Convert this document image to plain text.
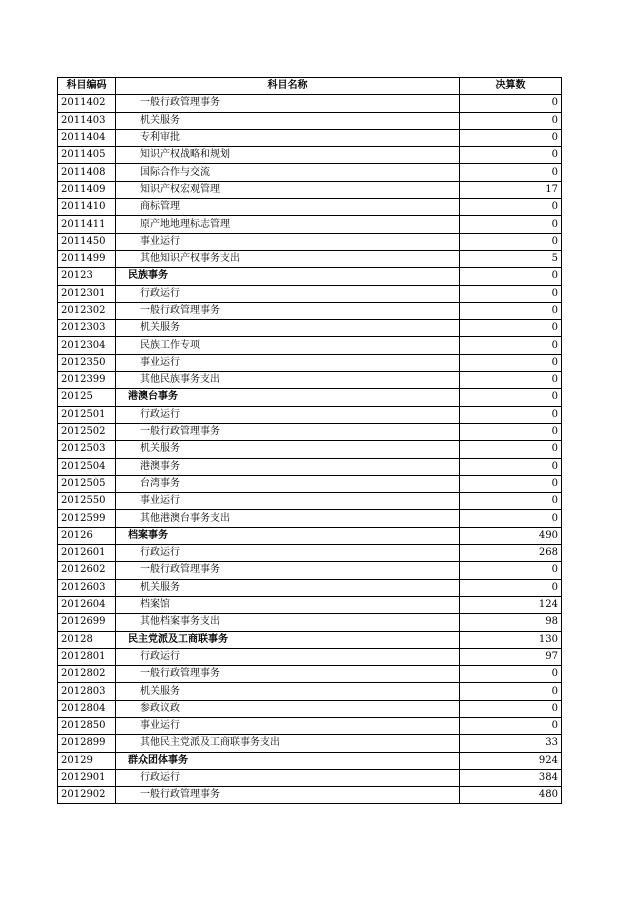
科目编码	科目名称	决算数
2011402	一般行政管理事务	0
2011403	机关服务	0
2011404	专利审批	0
2011405	知识产权战略和规划	0
2011408	国际合作与交流	0
2011409	知识产权宏观管理	17
2011410	商标管理	0
2011411	原产地地理标志管理	0
2011450	事业运行	0
2011499	其他知识产权事务支出	5
20123	民族事务	0
2012301	行政运行	0
2012302	一般行政管理事务	0
2012303	机关服务	0
2012304	民族工作专项	0
2012350	事业运行	0
2012399	其他民族事务支出	0
20125	港澳台事务	0
2012501	行政运行	0
2012502	一般行政管理事务	0
2012503	机关服务	0
2012504	港澳事务	0
2012505	台湾事务	0
2012550	事业运行	0
2012599	其他港澳台事务支出	0
20126	档案事务	490
2012601	行政运行	268
2012602	一般行政管理事务	0
2012603	机关服务	0
2012604	档案馆	124
2012699	其他档案事务支出	98
20128	民主党派及工商联事务	130
2012801	行政运行	97
2012802	一般行政管理事务	0
2012803	机关服务	0
2012804	参政议政	0
2012850	事业运行	0
2012899	其他民主党派及工商联事务支出	33
20129	群众团体事务	924
2012901	行政运行	384
2012902	一般行政管理事务	480
